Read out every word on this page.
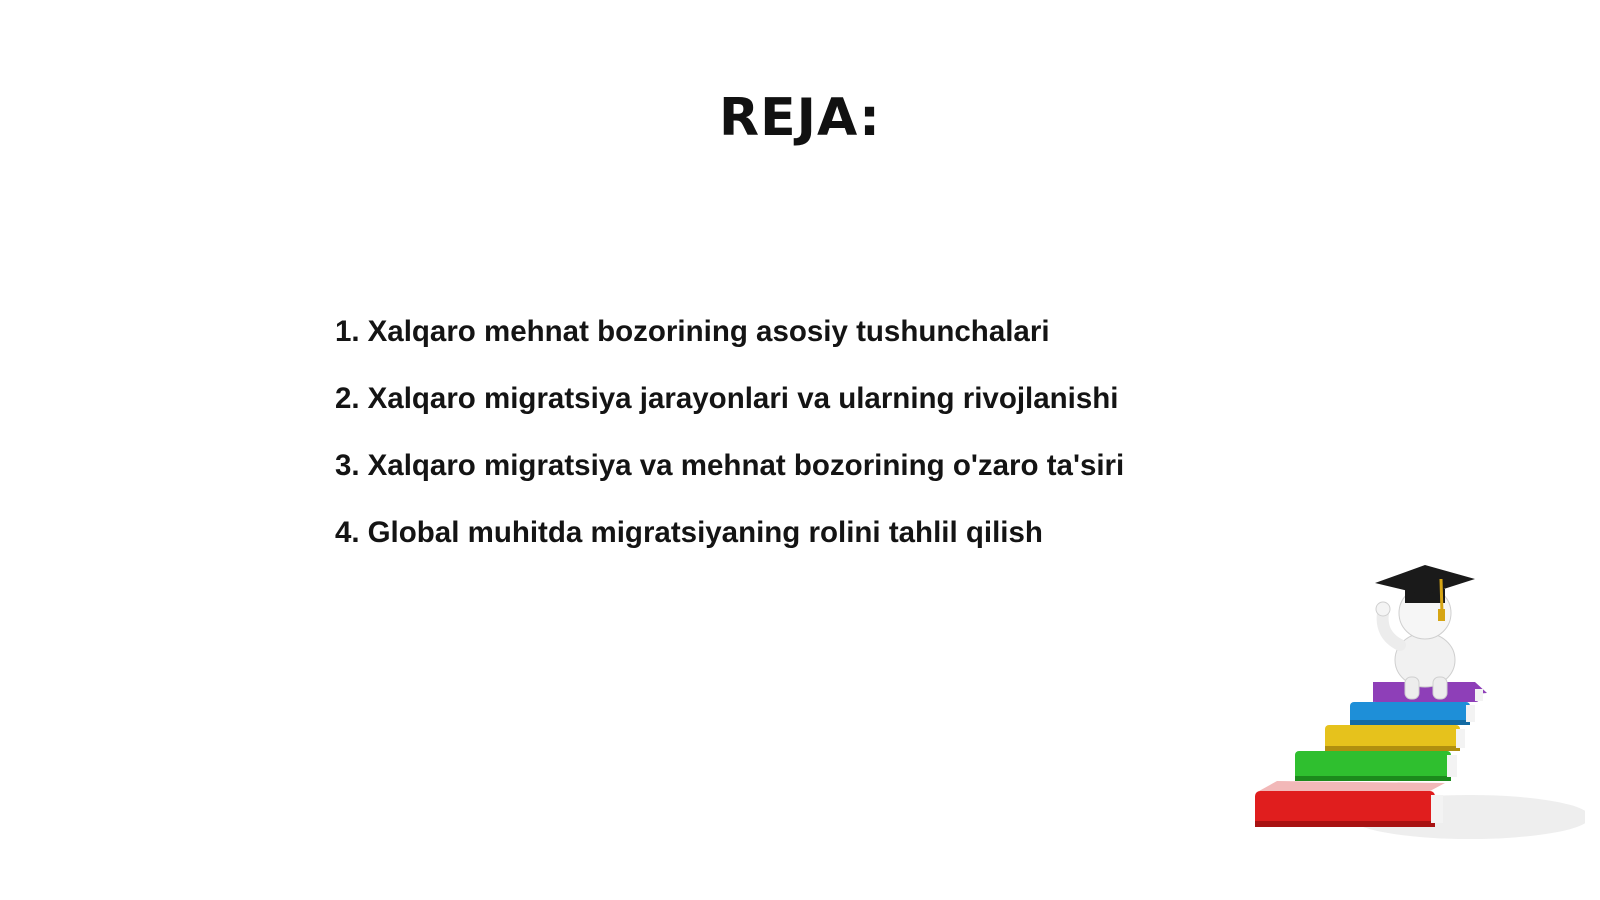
REJA:
1. Xalqaro mehnat bozorining asosiy tushunchalari
2. Xalqaro migratsiya jarayonlari va ularning rivojlanishi
3. Xalqaro migratsiya va mehnat bozorining o'zaro ta'siri
4. Global muhitda migratsiyaning rolini tahlil qilish
